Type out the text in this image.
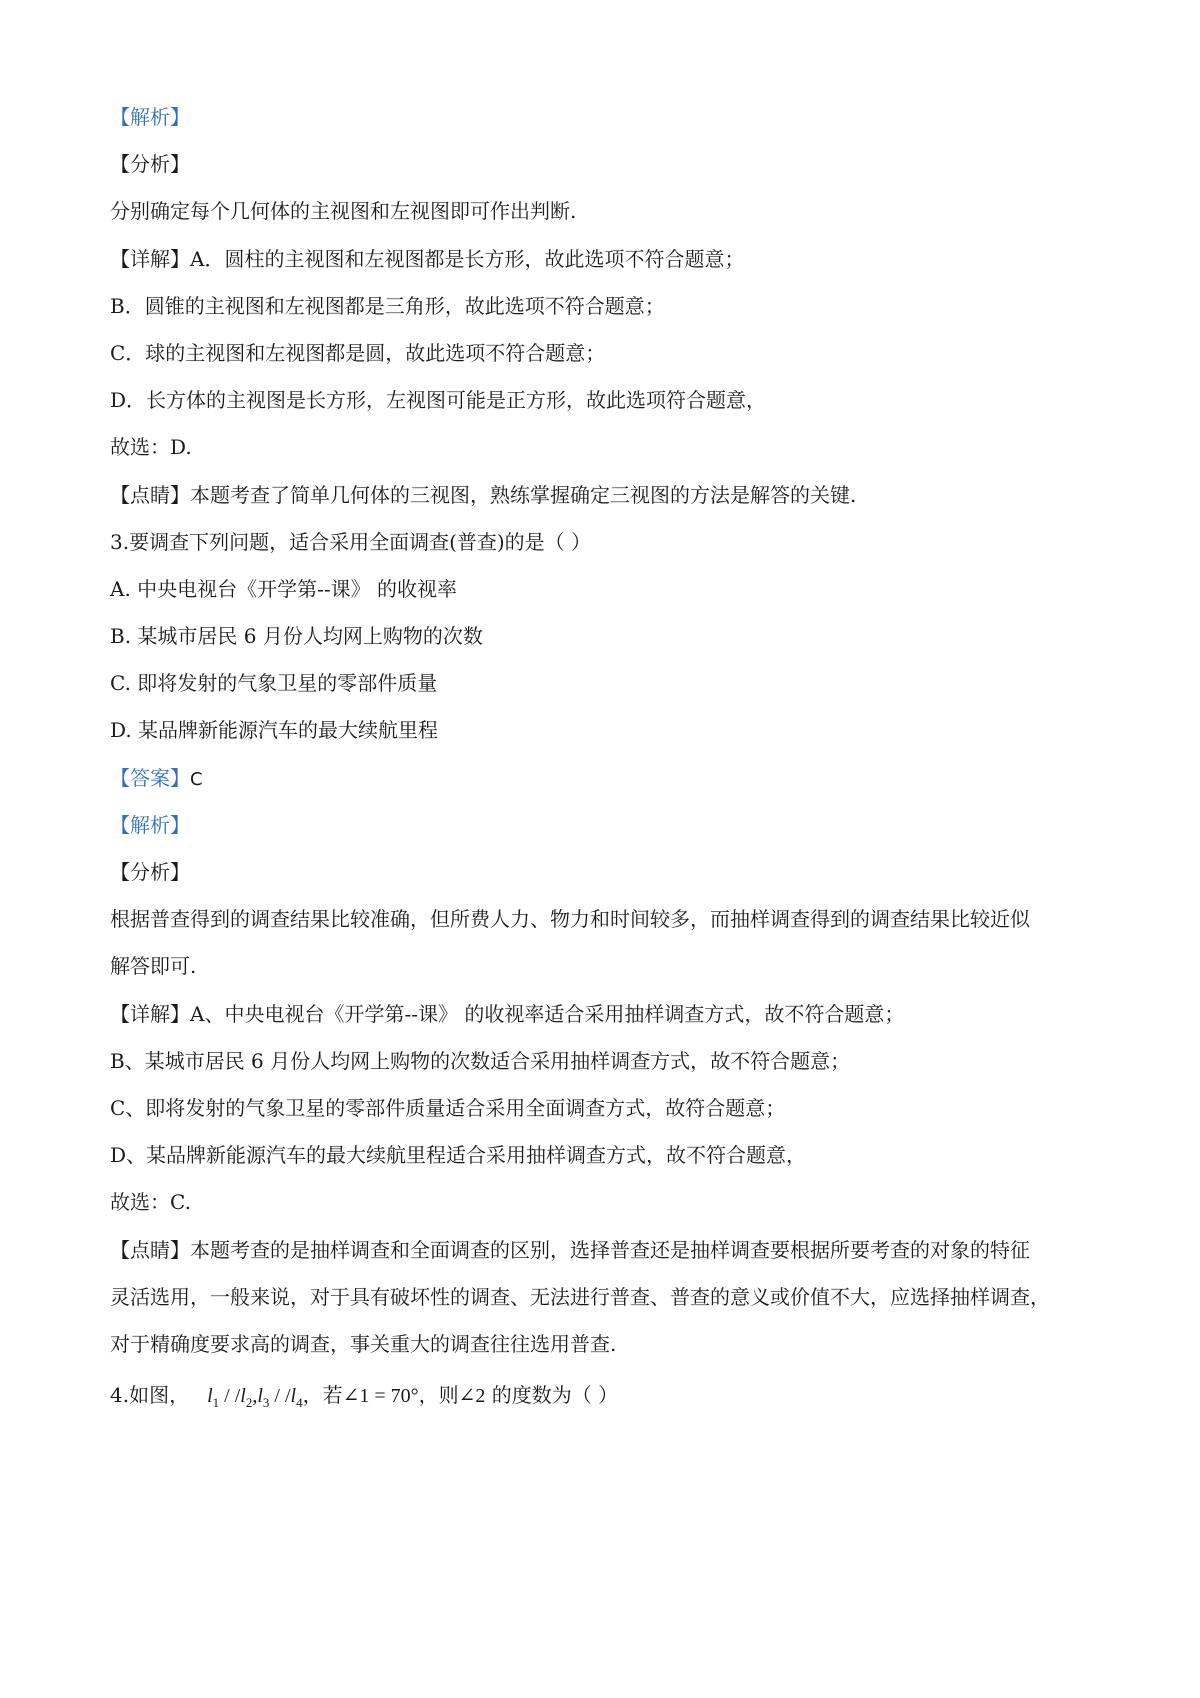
【解析】
【分析】
分别确定每个几何体的主视图和左视图即可作出判断.
【详解】A．圆柱的主视图和左视图都是长方形，故此选项不符合题意；
B．圆锥的主视图和左视图都是三角形，故此选项不符合题意；
C．球的主视图和左视图都是圆，故此选项不符合题意；
D．长方体的主视图是长方形，左视图可能是正方形，故此选项符合题意，
故选：D.
【点睛】本题考查了简单几何体的三视图，熟练掌握确定三视图的方法是解答的关键.
3.要调查下列问题，适合采用全面调查(普查)的是（ ）
A. 中央电视台《开学第--课》 的收视率
B. 某城市居民 6 月份人均网上购物的次数
C. 即将发射的气象卫星的零部件质量
D. 某品牌新能源汽车的最大续航里程
【答案】C
【解析】
【分析】
根据普查得到的调查结果比较准确，但所费人力、物力和时间较多，而抽样调查得到的调查结果比较近似
解答即可.
【详解】A、中央电视台《开学第--课》 的收视率适合采用抽样调查方式，故不符合题意；
B、某城市居民 6 月份人均网上购物的次数适合采用抽样调查方式，故不符合题意；
C、即将发射的气象卫星的零部件质量适合采用全面调查方式，故符合题意；
D、某品牌新能源汽车的最大续航里程适合采用抽样调查方式，故不符合题意，
故选：C.
【点睛】本题考查的是抽样调查和全面调查的区别，选择普查还是抽样调查要根据所要考查的对象的特征
灵活选用，一般来说，对于具有破坏性的调查、无法进行普查、普查的意义或价值不大，应选择抽样调查，
对于精确度要求高的调查，事关重大的调查往往选用普查.
4.如图， $l_1 / /l_2,l_3 / /l_4$，若∠1 = 70°，则∠2 的度数为（ ）
